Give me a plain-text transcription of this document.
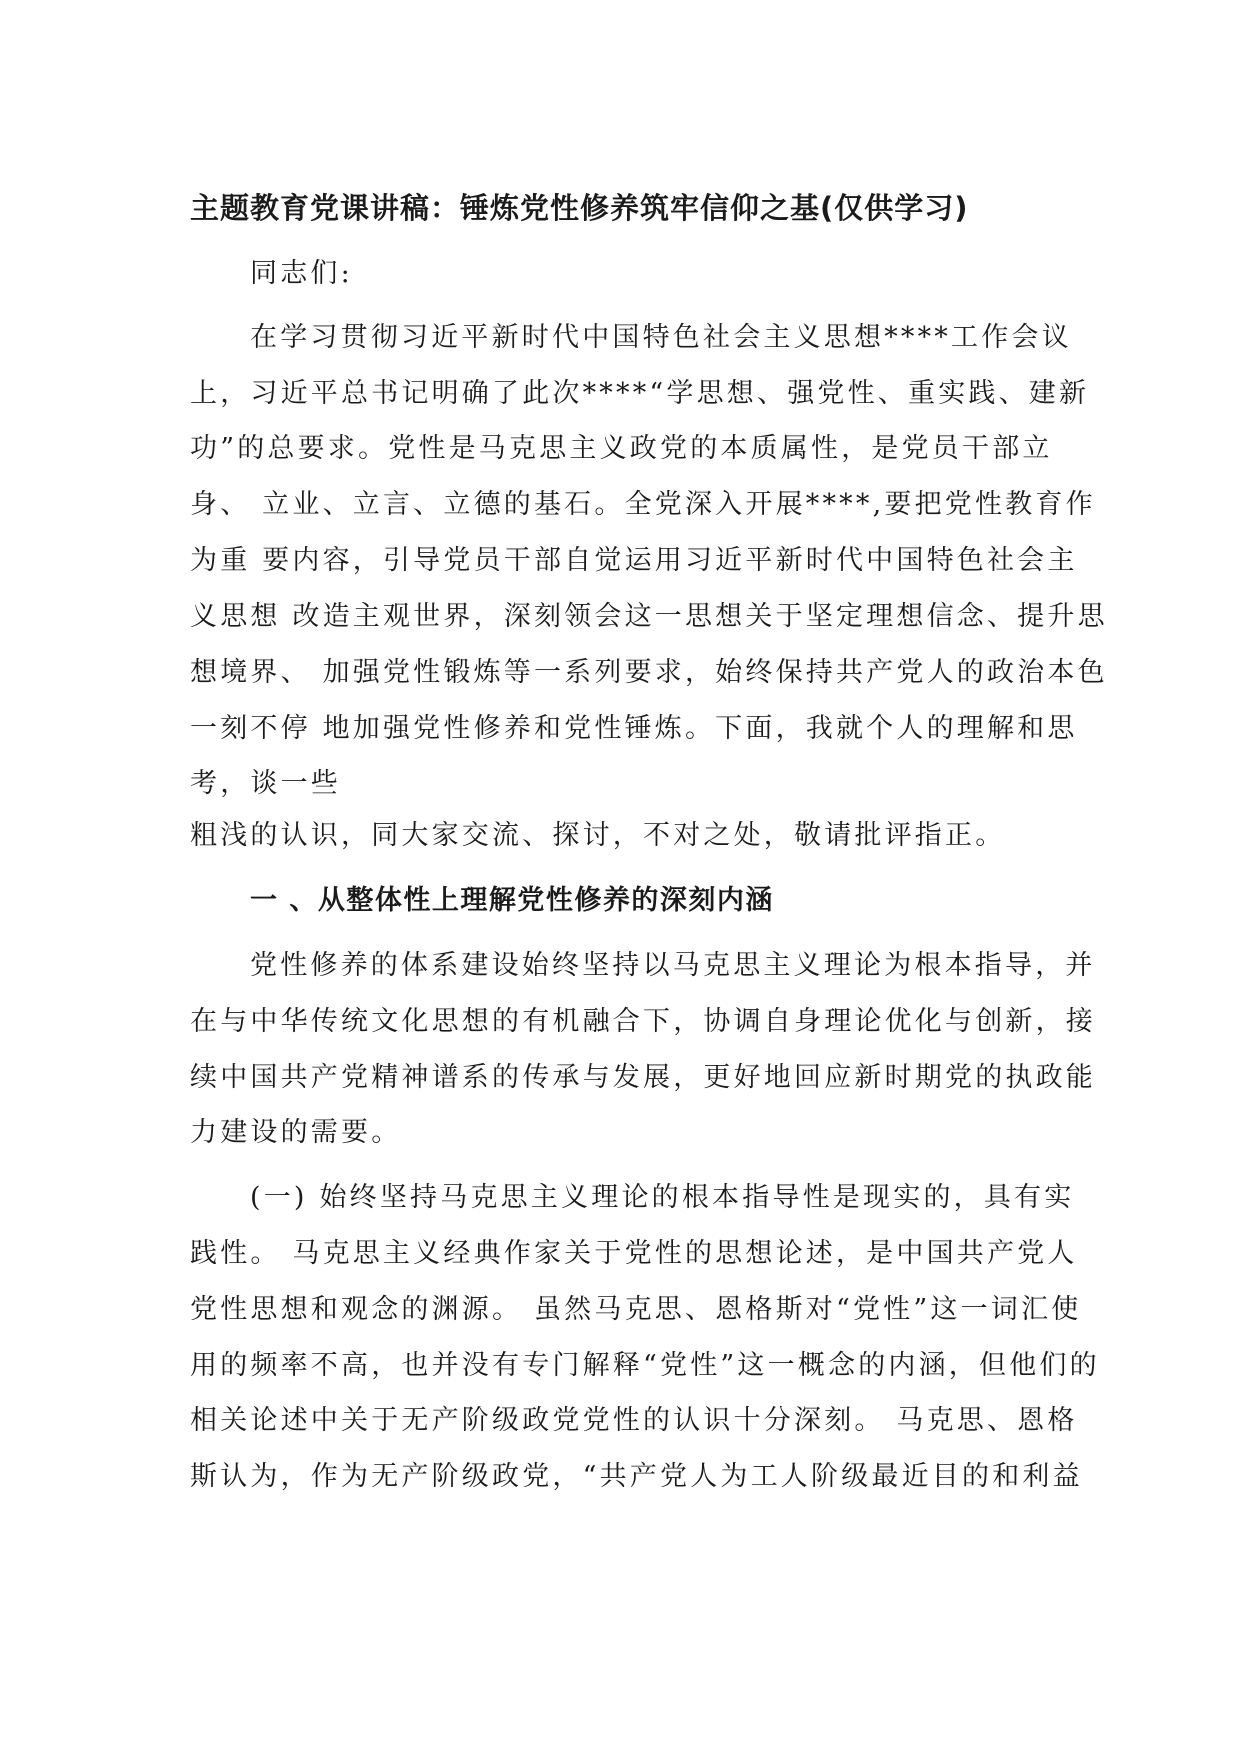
主题教育党课讲稿：锤炼党性修养筑牢信仰之基(仅供学习)
同志们:
在学习贯彻习近平新时代中国特色社会主义思想****工作会议
上，习近平总书记明确了此次****“学思想、强党性、重实践、建新
功”的总要求。党性是马克思主义政党的本质属性，是党员干部立
身、 立业、立言、立德的基石。全党深入开展****,要把党性教育作
为重 要内容，引导党员干部自觉运用习近平新时代中国特色社会主
义思想 改造主观世界，深刻领会这一思想关于坚定理想信念、提升思
想境界、 加强党性锻炼等一系列要求，始终保持共产党人的政治本色
一刻不停 地加强党性修养和党性锤炼。下面，我就个人的理解和思
考，谈一些
粗浅的认识，同大家交流、探讨，不对之处，敬请批评指正。
一 、从整体性上理解党性修养的深刻内涵
党性修养的体系建设始终坚持以马克思主义理论为根本指导，并
在与中华传统文化思想的有机融合下，协调自身理论优化与创新，接
续中国共产党精神谱系的传承与发展，更好地回应新时期党的执政能
力建设的需要。
(一) 始终坚持马克思主义理论的根本指导性是现实的，具有实
践性。 马克思主义经典作家关于党性的思想论述，是中国共产党人
党性思想和观念的渊源。 虽然马克思、恩格斯对“党性”这一词汇使
用的频率不高，也并没有专门解释“党性”这一概念的内涵，但他们的
相关论述中关于无产阶级政党党性的认识十分深刻。 马克思、恩格
斯认为，作为无产阶级政党，“共产党人为工人阶级最近目的和利益
